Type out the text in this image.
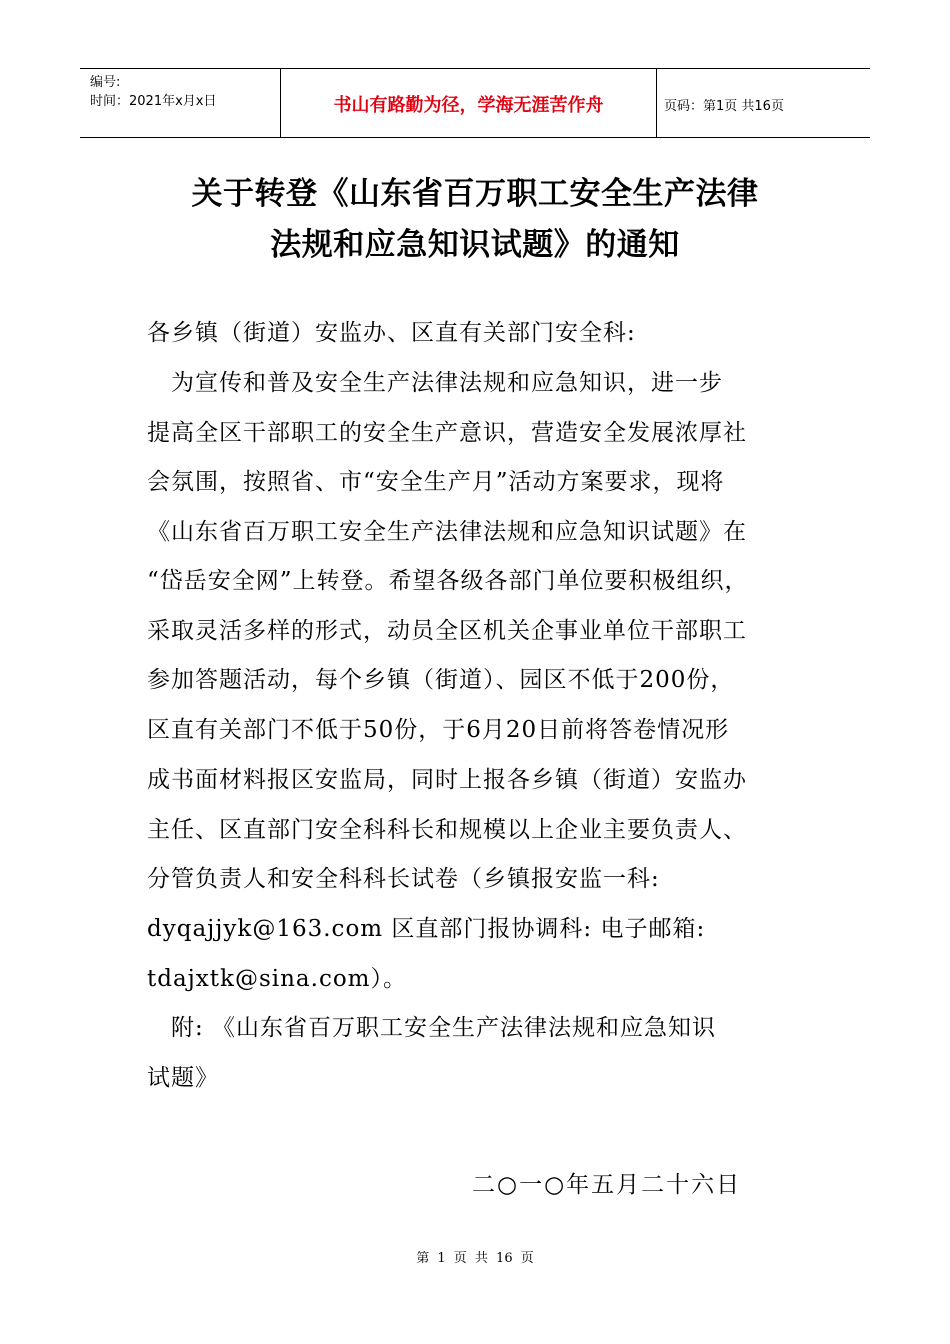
编号:
时间：2021年x月x日	书山有路勤为径，学海无涯苦作舟	页码：第1页 共16页
关于转登《山东省百万职工安全生产法律
法规和应急知识试题》的通知
各乡镇（街道）安监办、区直有关部门安全科:
　为宣传和普及安全生产法律法规和应急知识，进一步
提高全区干部职工的安全生产意识，营造安全发展浓厚社
会氛围，按照省、市“安全生产月”活动方案要求，现将
《山东省百万职工安全生产法律法规和应急知识试题》在
“岱岳安全网”上转登。希望各级各部门单位要积极组织，
采取灵活多样的形式，动员全区机关企事业单位干部职工
参加答题活动，每个乡镇（街道）、园区不低于200份，
区直有关部门不低于50份，于6月20日前将答卷情况形
成书面材料报区安监局，同时上报各乡镇（街道）安监办
主任、区直部门安全科科长和规模以上企业主要负责人、
分管负责人和安全科科长试卷（乡镇报安监一科:
dyqajjyk@163.com 区直部门报协调科: 电子邮箱:
tdajxtk@sina.com）。
　附: 《山东省百万职工安全生产法律法规和应急知识
试题》
二○一○年五月二十六日
第 1 页 共 16 页
